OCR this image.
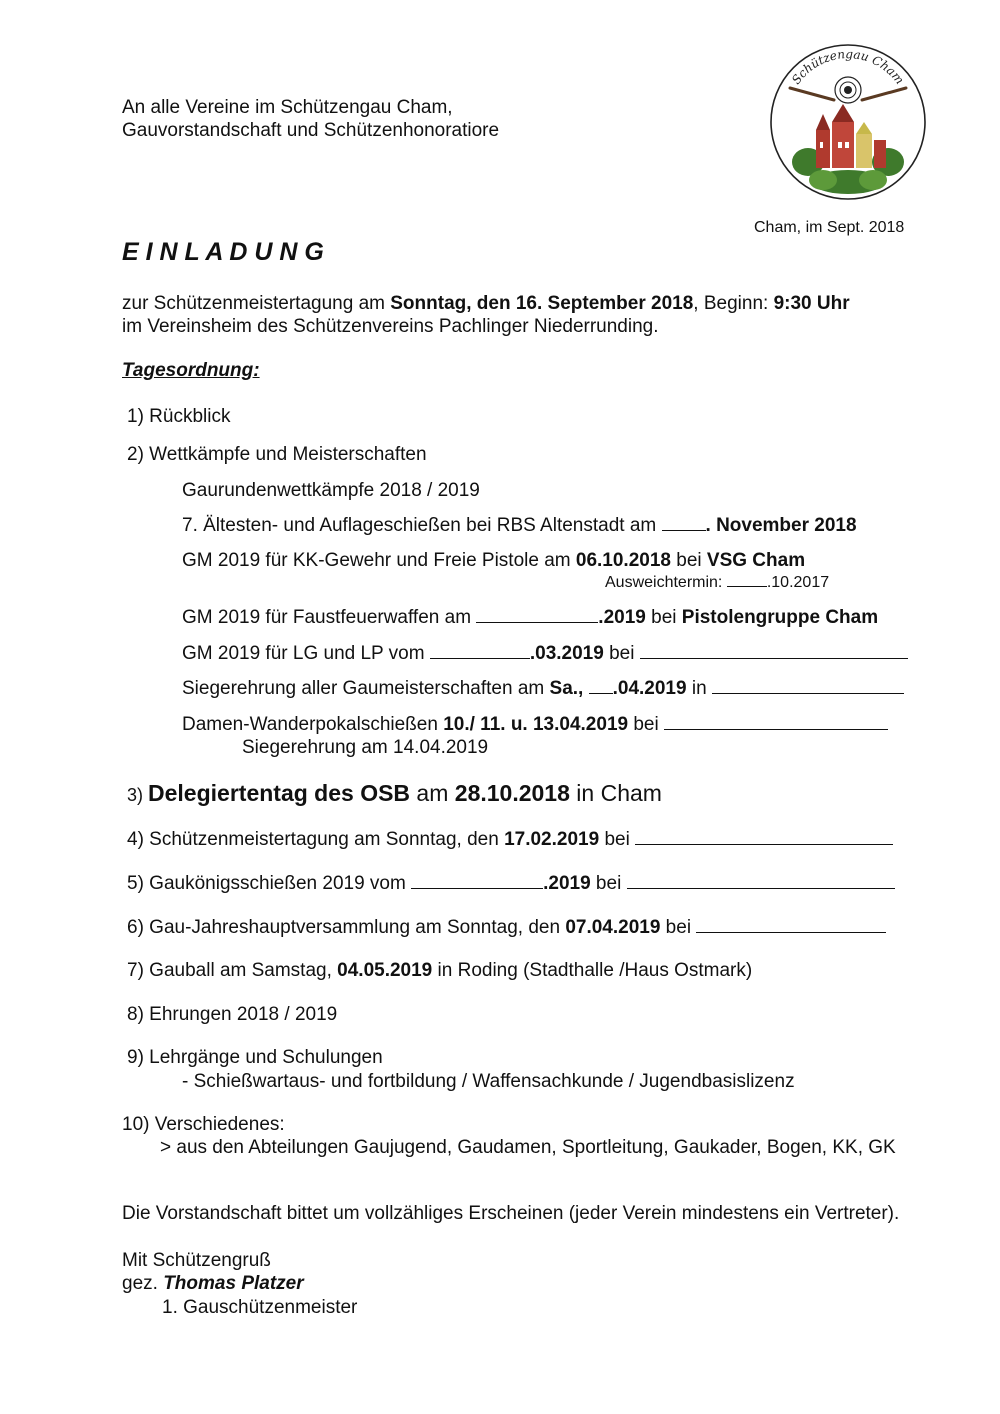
An alle Vereine im Schützengau Cham,
Gauvorstandschaft und Schützenhonoratiore
Schützengau Cham
Cham, im Sept. 2018
E I N L A D U N G
zur Schützenmeistertagung am Sonntag, den 16. September 2018, Beginn: 9:30 Uhr
im Vereinsheim des Schützenvereins Pachlinger Niederrunding.
Tagesordnung:
1) Rückblick
2) Wettkämpfe und Meisterschaften
Gaurundenwettkämpfe 2018 / 2019
7. Ältesten- und Auflageschießen bei RBS Altenstadt am . November 2018
GM 2019 für KK-Gewehr und Freie Pistole am 06.10.2018 bei VSG Cham
Ausweichtermin:	.10.2017
GM 2019 für Faustfeuerwaffen am	.2019 bei Pistolengruppe Cham
GM 2019 für LG und LP vom	.03.2019 bei
Siegerehrung aller Gaumeisterschaften am Sa., .04.2019 in
Damen-Wanderpokalschießen 10./ 11. u. 13.04.2019 bei
Siegerehrung am 14.04.2019
3) Delegiertentag des OSB am 28.10.2018 in Cham
4) Schützenmeistertagung am Sonntag, den 17.02.2019 bei
5) Gaukönigsschießen 2019 vom	.2019 bei
6) Gau-Jahreshauptversammlung am Sonntag, den 07.04.2019 bei
7) Gauball am Samstag, 04.05.2019 in Roding (Stadthalle /Haus Ostmark)
8) Ehrungen 2018 / 2019
9) Lehrgänge und Schulungen
- Schießwartaus- und fortbildung / Waffensachkunde / Jugendbasislizenz
10) Verschiedenes:
> aus den Abteilungen Gaujugend, Gaudamen, Sportleitung, Gaukader, Bogen, KK, GK
Die Vorstandschaft bittet um vollzähliges Erscheinen (jeder Verein mindestens ein Vertreter).
Mit Schützengruß
gez. Thomas Platzer
1. Gauschützenmeister
